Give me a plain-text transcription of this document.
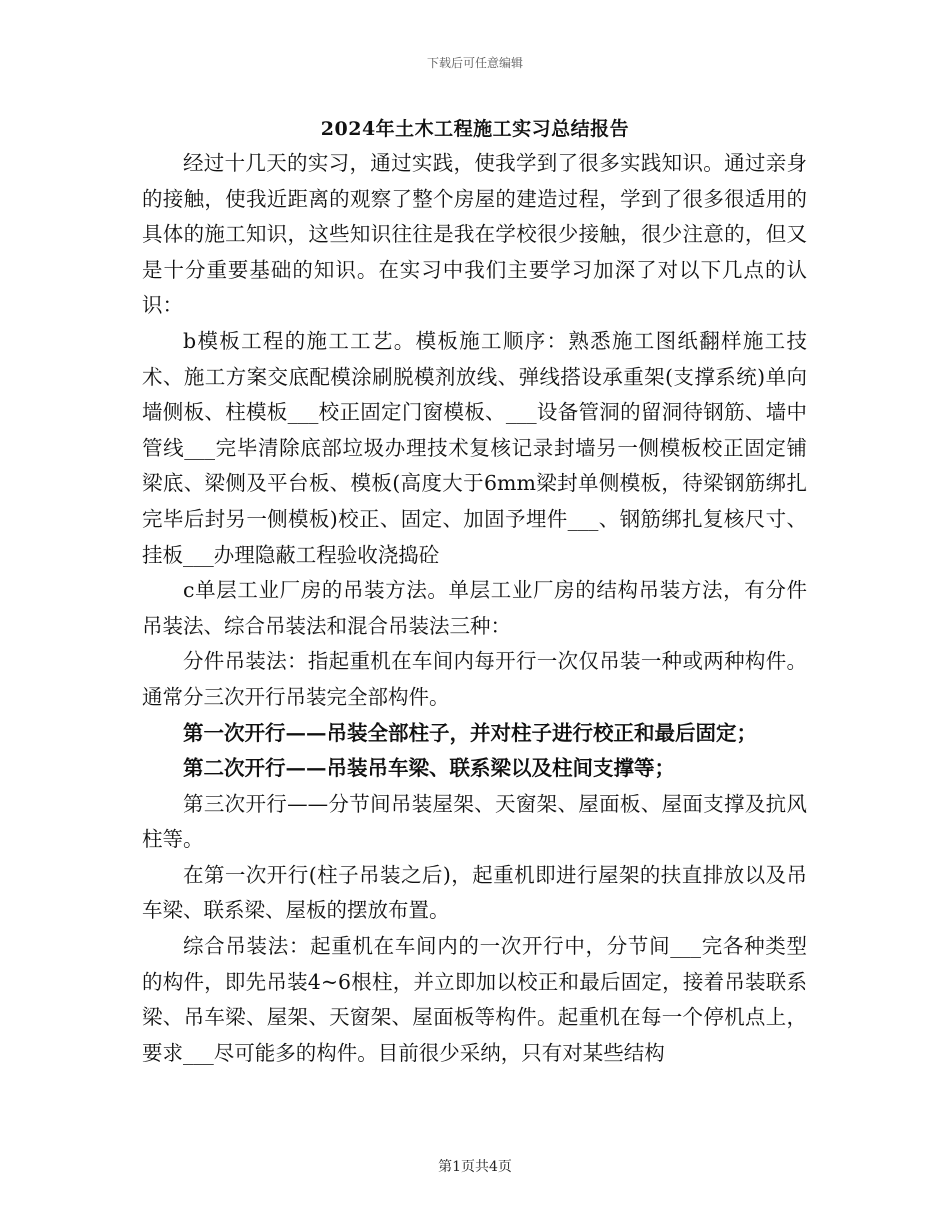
下载后可任意编辑
2024年土木工程施工实习总结报告

经过十几天的实习，通过实践，使我学到了很多实践知识。通过亲身的接触，使我近距离的观察了整个房屋的建造过程，学到了很多很适用的具体的施工知识，这些知识往往是我在学校很少接触，很少注意的，但又是十分重要基础的知识。在实习中我们主要学习加深了对以下几点的认识：

b模板工程的施工工艺。模板施工顺序：熟悉施工图纸翻样施工技术、施工方案交底配模涂刷脱模剂放线、弹线搭设承重架(支撑系统)单向墙侧板、柱模板___校正固定门窗模板、___设备管洞的留洞待钢筋、墙中管线___完毕清除底部垃圾办理技术复核记录封墙另一侧模板校正固定铺梁底、梁侧及平台板、模板(高度大于6mm梁封单侧模板，待梁钢筋绑扎完毕后封另一侧模板)校正、固定、加固予埋件___、钢筋绑扎复核尺寸、挂板___办理隐蔽工程验收浇捣砼

c单层工业厂房的吊装方法。单层工业厂房的结构吊装方法，有分件吊装法、综合吊装法和混合吊装法三种：

分件吊装法：指起重机在车间内每开行一次仅吊装一种或两种构件。通常分三次开行吊装完全部构件。

第一次开行——吊装全部柱子，并对柱子进行校正和最后固定；

第二次开行——吊装吊车梁、联系梁以及柱间支撑等；

第三次开行——分节间吊装屋架、天窗架、屋面板、屋面支撑及抗风柱等。

在第一次开行(柱子吊装之后)，起重机即进行屋架的扶直排放以及吊车梁、联系梁、屋板的摆放布置。

综合吊装法：起重机在车间内的一次开行中，分节间___完各种类型的构件，即先吊装4~6根柱，并立即加以校正和最后固定，接着吊装联系梁、吊车梁、屋架、天窗架、屋面板等构件。起重机在每一个停机点上，要求___尽可能多的构件。目前很少采纳，只有对某些结构

第1页共4页
